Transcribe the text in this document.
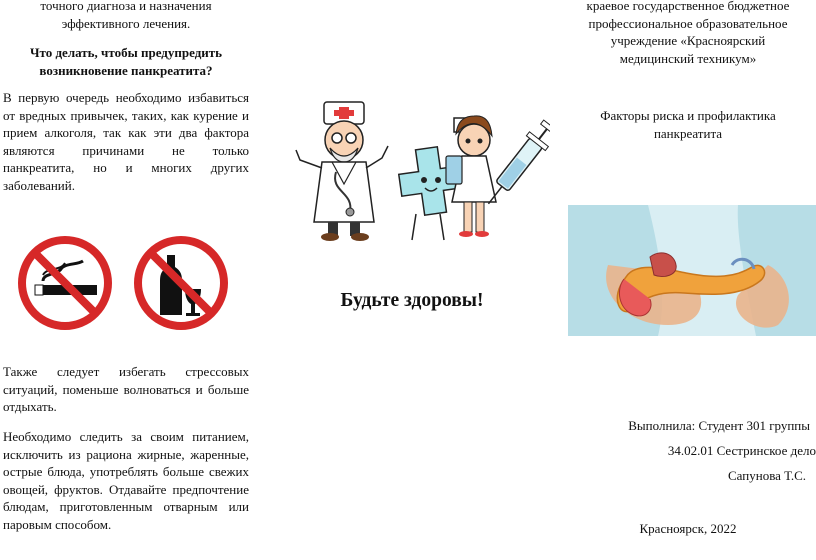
точного диагноза и назначения
эффективного лечения.
Что делать, чтобы предупредить
возникновение панкреатита?
В первую очередь необходимо избавиться от вредных привычек, таких, как курение и прием алкоголя, так как эти два фактора являются причинами не только панкреатита, но и многих других заболеваний.
Также следует избегать стрессовых ситуаций, поменьше волноваться и больше отдыхать.
Необходимо следить за своим питанием, исключить из рациона жирные, жаренные, острые блюда, употреблять больше свежих овощей, фруктов. Отдавайте предпочтение блюдам, приготовленным отварным или паровым способом.
Будьте здоровы!
краевое государственное бюджетное
профессиональное образовательное
учреждение «Красноярский
медицинский техникум»
Факторы риска и профилактика
панкреатита
Выполнила: Студент 301 группы
34.02.01 Сестринское дело
Сапунова Т.С.
Красноярск, 2022
